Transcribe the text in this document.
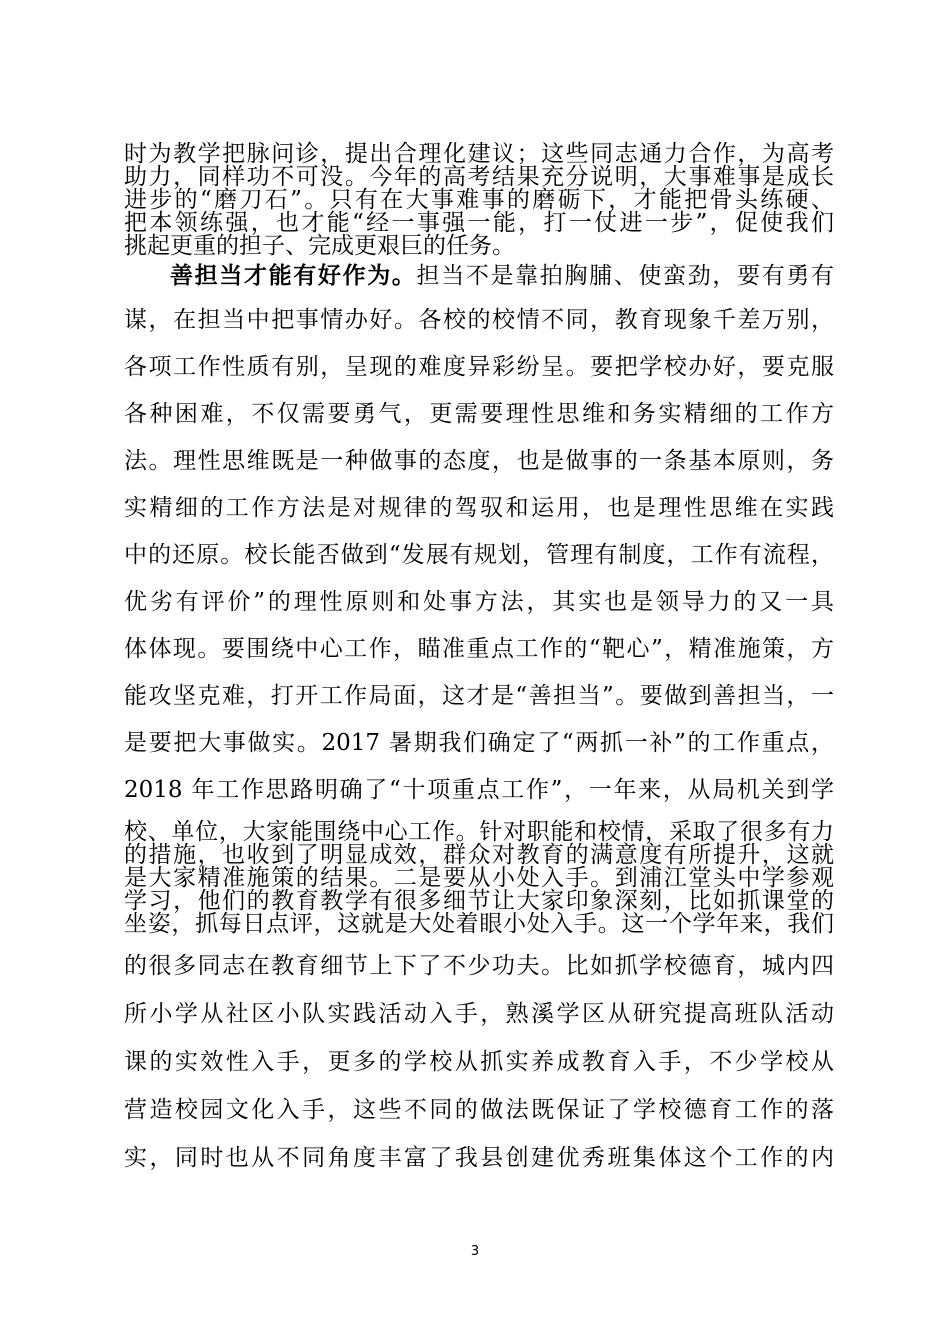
时为教学把脉问诊，提出合理化建议；这些同志通力合作，为高考
助力，同样功不可没。今年的高考结果充分说明，大事难事是成长
进步的“磨刀石”。只有在大事难事的磨砺下，才能把骨头练硬、
把本领练强，也才能“经一事强一能，打一仗进一步”，促使我们
挑起更重的担子、完成更艰巨的任务。
善担当才能有好作为。担当不是靠拍胸脯、使蛮劲，要有勇有
谋，在担当中把事情办好。各校的校情不同，教育现象千差万别，
各项工作性质有别，呈现的难度异彩纷呈。要把学校办好，要克服
各种困难，不仅需要勇气，更需要理性思维和务实精细的工作方
法。理性思维既是一种做事的态度，也是做事的一条基本原则，务
实精细的工作方法是对规律的驾驭和运用，也是理性思维在实践
中的还原。校长能否做到“发展有规划，管理有制度，工作有流程，
优劣有评价”的理性原则和处事方法，其实也是领导力的又一具
体体现。要围绕中心工作，瞄准重点工作的“靶心”，精准施策，方
能攻坚克难，打开工作局面，这才是“善担当”。要做到善担当，一
是要把大事做实。2017 暑期我们确定了“两抓一补”的工作重点，
2018 年工作思路明确了“十项重点工作”，一年来，从局机关到学
校、单位，大家能围绕中心工作。针对职能和校情，采取了很多有力
的措施，也收到了明显成效，群众对教育的满意度有所提升，这就
是大家精准施策的结果。二是要从小处入手。到浦江堂头中学参观
学习，他们的教育教学有很多细节让大家印象深刻，比如抓课堂的
坐姿，抓每日点评，这就是大处着眼小处入手。这一个学年来，我们
的很多同志在教育细节上下了不少功夫。比如抓学校德育，城内四
所小学从社区小队实践活动入手，熟溪学区从研究提高班队活动
课的实效性入手，更多的学校从抓实养成教育入手，不少学校从
营造校园文化入手，这些不同的做法既保证了学校德育工作的落
实，同时也从不同角度丰富了我县创建优秀班集体这个工作的内
3
